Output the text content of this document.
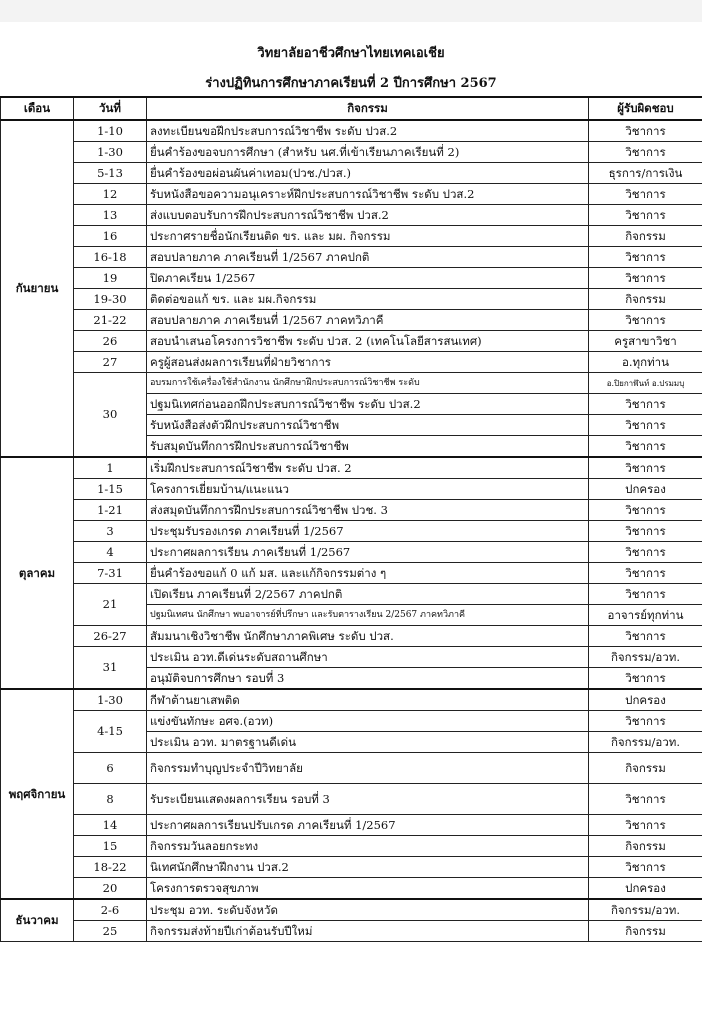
วิทยาลัยอาชีวศึกษาไทยเทคเอเชีย
ร่างปฏิทินการศึกษาภาคเรียนที่ 2 ปีการศึกษา 2567
เดือน	วันที่	กิจกรรม	ผู้รับผิดชอบ
กันยายน	1-10	ลงทะเบียนขอฝึกประสบการณ์วิชาชีพ ระดับ ปวส.2	วิชาการ
	1-30	ยื่นคำร้องขอจบการศึกษา (สำหรับ นศ.ที่เข้าเรียนภาคเรียนที่ 2)	วิชาการ
	5-13	ยื่นคำร้องขอผ่อนผันค่าเทอม(ปวช./ปวส.)	ธุรการ/การเงิน
	12	รับหนังสือขอความอนุเคราะห์ฝึกประสบการณ์วิชาชีพ ระดับ ปวส.2	วิชาการ
	13	ส่งแบบตอบรับการฝึกประสบการณ์วิชาชีพ ปวส.2	วิชาการ
	16	ประกาศรายชื่อนักเรียนติด ขร. และ มผ. กิจกรรม	กิจกรรม
	16-18	สอบปลายภาค ภาคเรียนที่ 1/2567 ภาคปกติ	วิชาการ
	19	ปิดภาคเรียน 1/2567	วิชาการ
	19-30	ติดต่อขอแก้ ขร. และ มผ.กิจกรรม	กิจกรรม
	21-22	สอบปลายภาค ภาคเรียนที่ 1/2567 ภาคทวิภาคี	วิชาการ
	26	สอบนำเสนอโครงการวิชาชีพ ระดับ ปวส. 2 (เทคโนโลยีสารสนเทศ)	ครูสาขาวิชา
	27	ครูผู้สอนส่งผลการเรียนที่ฝ่ายวิชาการ	อ.ทุกท่าน
	30	อบรมการใช้เครื่องใช้สำนักงาน นักศึกษาฝึกประสบการณ์วิชาชีพ ระดับ	อ.ปิยกาฬันท์ อ.ปรมมบุ
		ปฐมนิเทศก่อนออกฝึกประสบการณ์วิชาชีพ ระดับ ปวส.2	วิชาการ
		รับหนังสือส่งตัวฝึกประสบการณ์วิชาชีพ	วิชาการ
		รับสมุดบันทึกการฝึกประสบการณ์วิชาชีพ	วิชาการ
ตุลาคม	1	เริ่มฝึกประสบการณ์วิชาชีพ ระดับ ปวส. 2	วิชาการ
	1-15	โครงการเยี่ยมบ้าน/แนะแนว	ปกครอง
	1-21	ส่งสมุดบันทึกการฝึกประสบการณ์วิชาชีพ ปวช. 3	วิชาการ
	3	ประชุมรับรองเกรด ภาคเรียนที่ 1/2567	วิชาการ
	4	ประกาศผลการเรียน ภาคเรียนที่ 1/2567	วิชาการ
	7-31	ยื่นคำร้องขอแก้ 0 แก้ มส. และแก้กิจกรรมต่าง ๆ	วิชาการ
	21	เปิดเรียน ภาคเรียนที่ 2/2567 ภาคปกติ	วิชาการ
		ปฐมนิเทศน นักศึกษา พบอาจารย์ที่ปรึกษา และรับตารางเรียน 2/2567 ภาคทวิภาคี	อาจารย์ทุกท่าน
	26-27	สัมมนาเชิงวิชาชีพ นักศึกษาภาคพิเศษ ระดับ ปวส.	วิชาการ
	31	ประเมิน อวท.ดีเด่นระดับสถานศึกษา	กิจกรรม/อวท.
		อนุมัติจบการศึกษา รอบที่ 3	วิชาการ
พฤศจิกายน	1-30	กีฬาต้านยาเสพติด	ปกครอง
	4-15	แข่งขันทักษะ อศจ.(อวท)	วิชาการ
		ประเมิน อวท. มาตรฐานดีเด่น	กิจกรรม/อวท.
	6	กิจกรรมทำบุญประจำปีวิทยาลัย	กิจกรรม
	8	รับระเบียนแสดงผลการเรียน รอบที่ 3	วิชาการ
	14	ประกาศผลการเรียนปรับเกรด ภาคเรียนที่ 1/2567	วิชาการ
	15	กิจกรรมวันลอยกระทง	กิจกรรม
	18-22	นิเทศนักศึกษาฝึกงาน ปวส.2	วิชาการ
	20	โครงการตรวจสุขภาพ	ปกครอง
ธันวาคม	2-6	ประชุม อวท. ระดับจังหวัด	กิจกรรม/อวท.
	25	กิจกรรมส่งท้ายปีเก่าต้อนรับปีใหม่	กิจกรรม
